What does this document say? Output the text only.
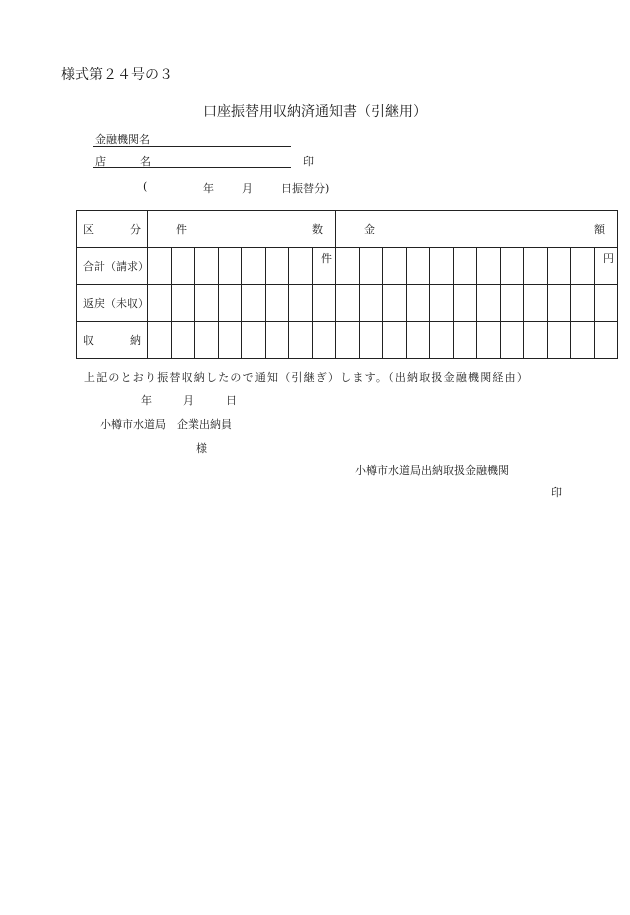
様式第２４号の３
口座振替用収納済通知書（引継用）
金融機関名
店	名	印
(	年	月	日振替分)
区 分	件 数								金 額											

合計（請求）								件												円

返戻（未収）																				

収 納																				

上記のとおり振替収納したので通知（引継ぎ）します。（出納取扱金融機関経由）
年	月	日
小樽市水道局　企業出納員
様
小樽市水道局出納取扱金融機関
印
